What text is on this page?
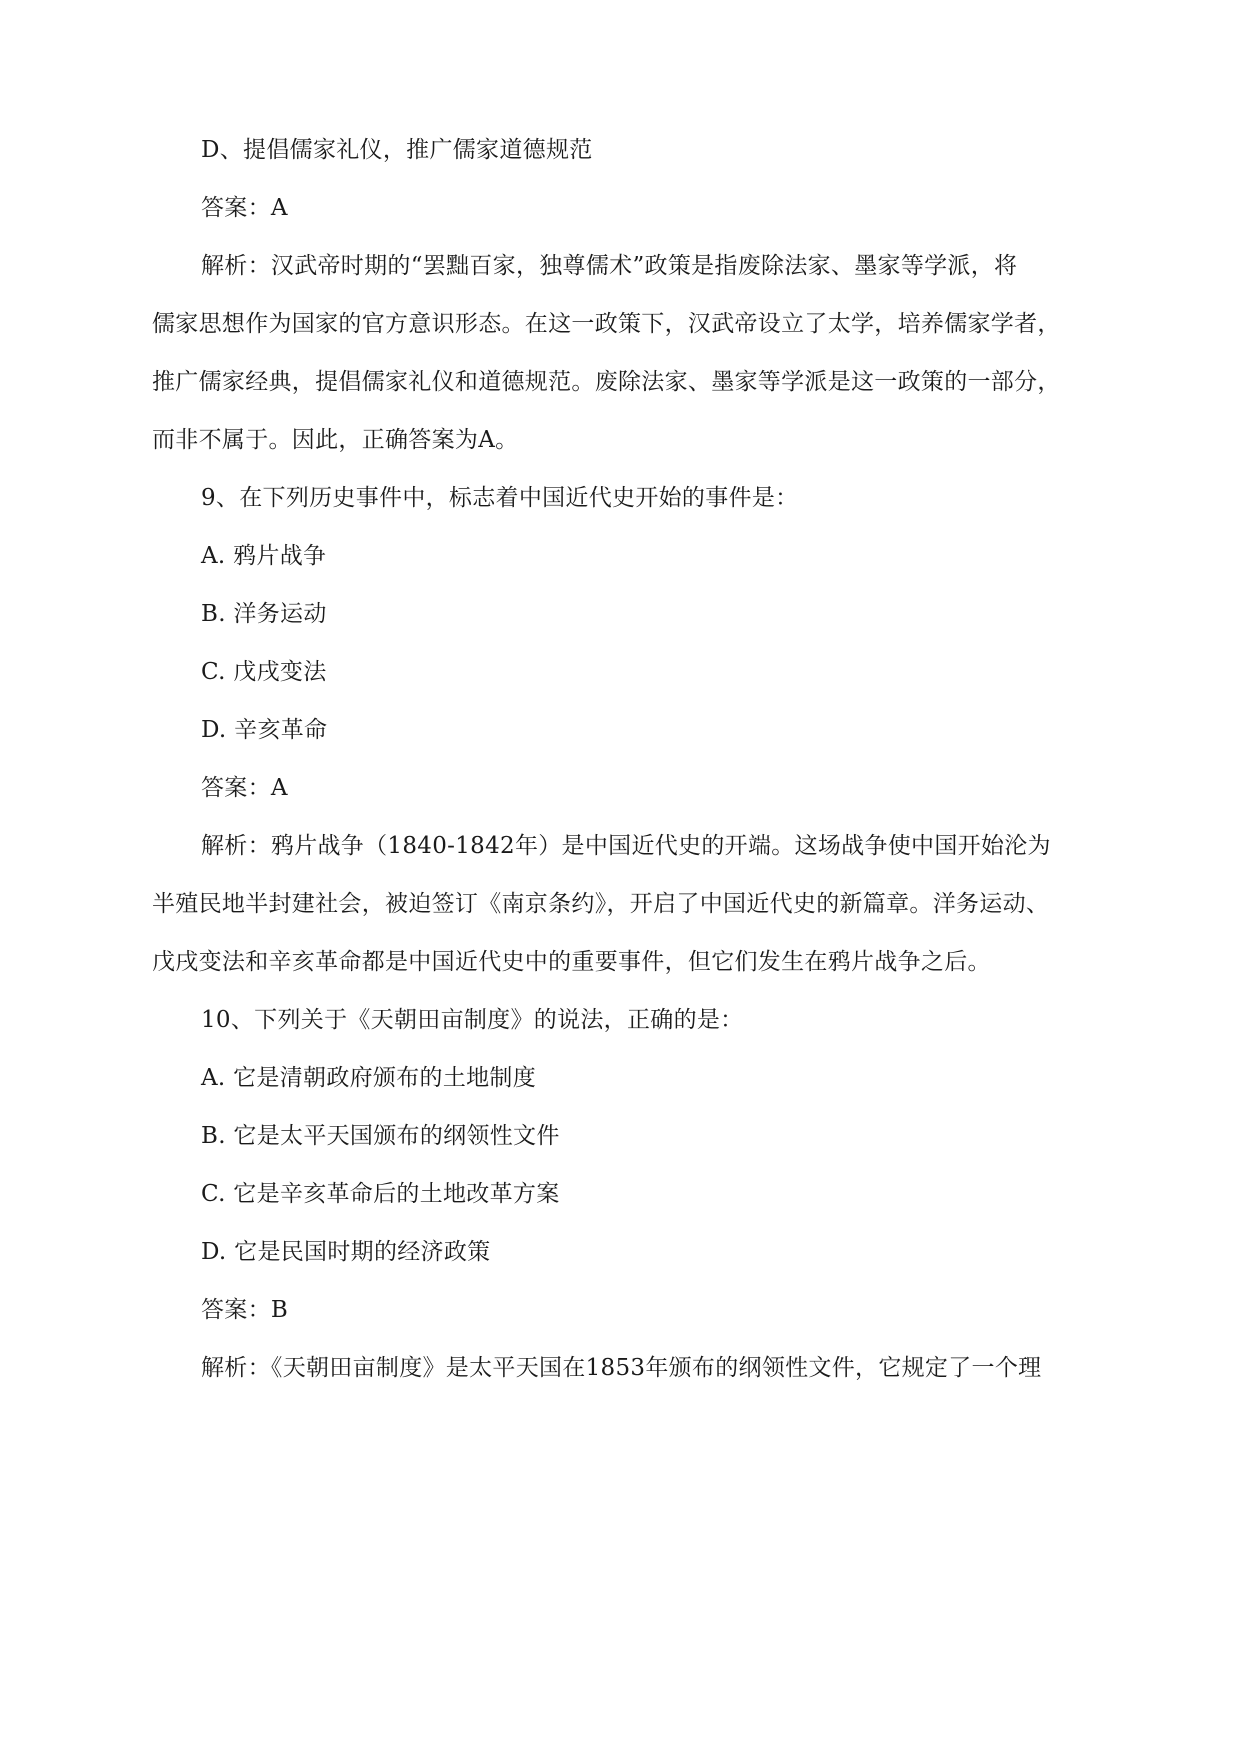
D、提倡儒家礼仪，推广儒家道德规范
答案：A
解析：汉武帝时期的“罢黜百家，独尊儒术”政策是指废除法家、墨家等学派，将
儒家思想作为国家的官方意识形态。在这一政策下，汉武帝设立了太学，培养儒家学者，
推广儒家经典，提倡儒家礼仪和道德规范。废除法家、墨家等学派是这一政策的一部分，
而非不属于。因此，正确答案为A。
9、在下列历史事件中，标志着中国近代史开始的事件是：
A. 鸦片战争
B. 洋务运动
C. 戊戌变法
D. 辛亥革命
答案：A
解析：鸦片战争（1840-1842年）是中国近代史的开端。这场战争使中国开始沦为
半殖民地半封建社会，被迫签订《南京条约》，开启了中国近代史的新篇章。洋务运动、
戊戌变法和辛亥革命都是中国近代史中的重要事件，但它们发生在鸦片战争之后。
10、下列关于《天朝田亩制度》的说法，正确的是：
A. 它是清朝政府颁布的土地制度
B. 它是太平天国颁布的纲领性文件
C. 它是辛亥革命后的土地改革方案
D. 它是民国时期的经济政策
答案：B
解析：《天朝田亩制度》是太平天国在1853年颁布的纲领性文件，它规定了一个理
